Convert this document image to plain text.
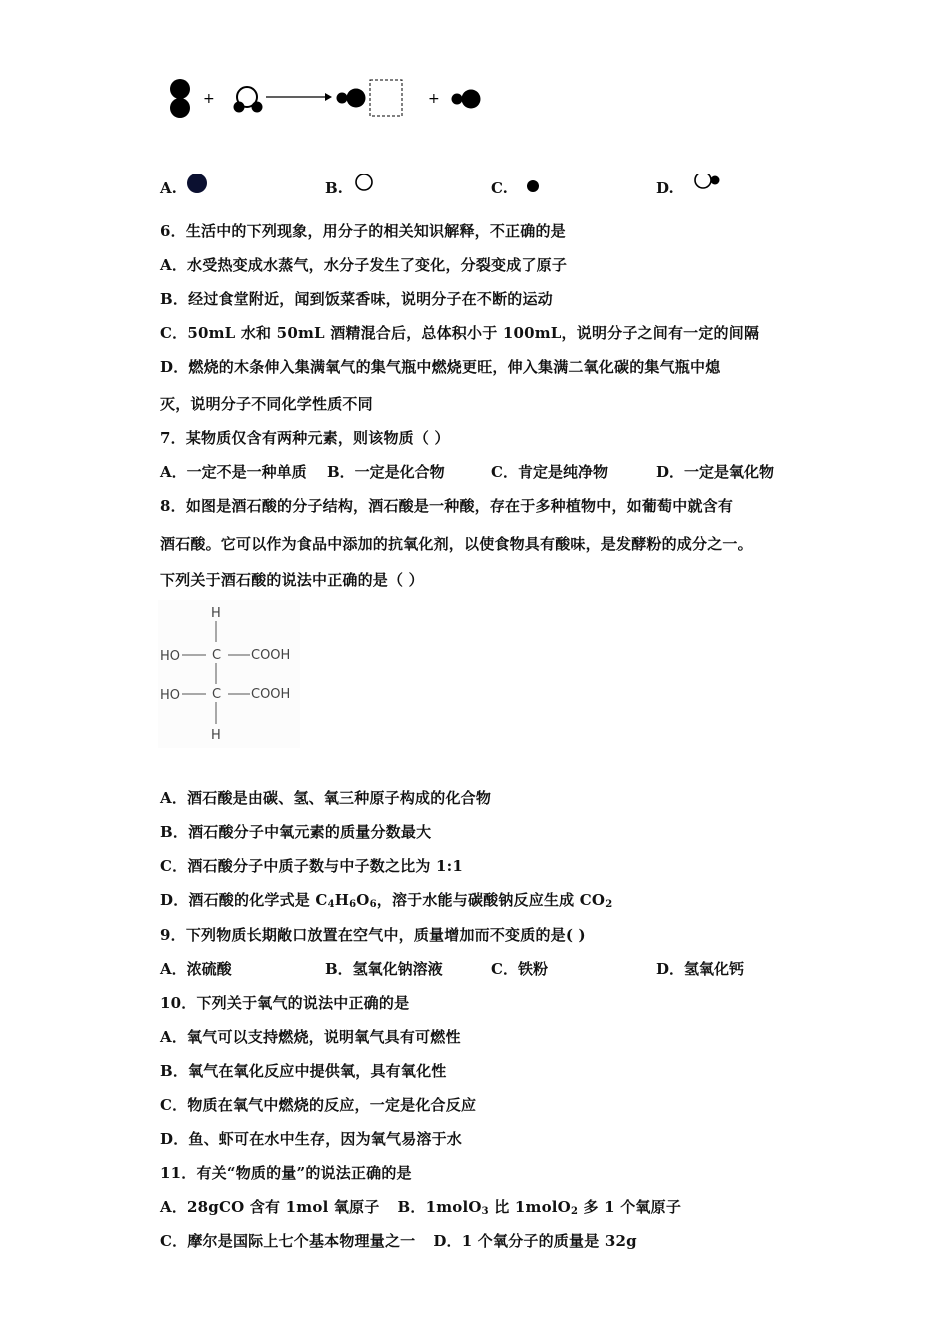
+	+
A.	B.	C.	D.
6．生活中的下列现象，用分子的相关知识解释，不正确的是
A．水受热变成水蒸气，水分子发生了变化，分裂变成了原子
B．经过食堂附近，闻到饭菜香味，说明分子在不断的运动
C．50mL 水和 50mL 酒精混合后，总体积小于 100mL，说明分子之间有一定的间隔
D．燃烧的木条伸入集满氧气的集气瓶中燃烧更旺，伸入集满二氧化碳的集气瓶中熄
灭，说明分子不同化学性质不同
7．某物质仅含有两种元素，则该物质（ ）
A．一定不是一种单质 B．一定是化合物	C．肯定是纯净物	D．一定是氧化物
8．如图是酒石酸的分子结构，酒石酸是一种酸，存在于多种植物中，如葡萄中就含有
酒石酸。它可以作为食品中添加的抗氧化剂，以使食物具有酸味，是发酵粉的成分之一。
下列关于酒石酸的说法中正确的是（ ）
H
HO C COOH
HO C COOH
H
A．酒石酸是由碳、氢、氧三种原子构成的化合物
B．酒石酸分子中氧元素的质量分数最大
C．酒石酸分子中质子数与中子数之比为 1:1
D．酒石酸的化学式是 $C_4H_6O_6$，溶于水能与碳酸钠反应生成 $CO_2$
9．下列物质长期敞口放置在空气中，质量增加而不变质的是( )
A．浓硫酸	B．氢氧化钠溶液	C．铁粉	D．氢氧化钙
10．下列关于氧气的说法中正确的是
A．氧气可以支持燃烧，说明氧气具有可燃性
B．氧气在氧化反应中提供氧，具有氧化性
C．物质在氧气中燃烧的反应，一定是化合反应
D．鱼、虾可在水中生存，因为氧气易溶于水
11．有关“物质的量”的说法正确的是
A．28gCO 含有 1mol 氧原子 B．1molO$_3$ 比 1molO$_2$ 多 1 个氧原子
C．摩尔是国际上七个基本物理量之一 D．1 个氧分子的质量是 32g
